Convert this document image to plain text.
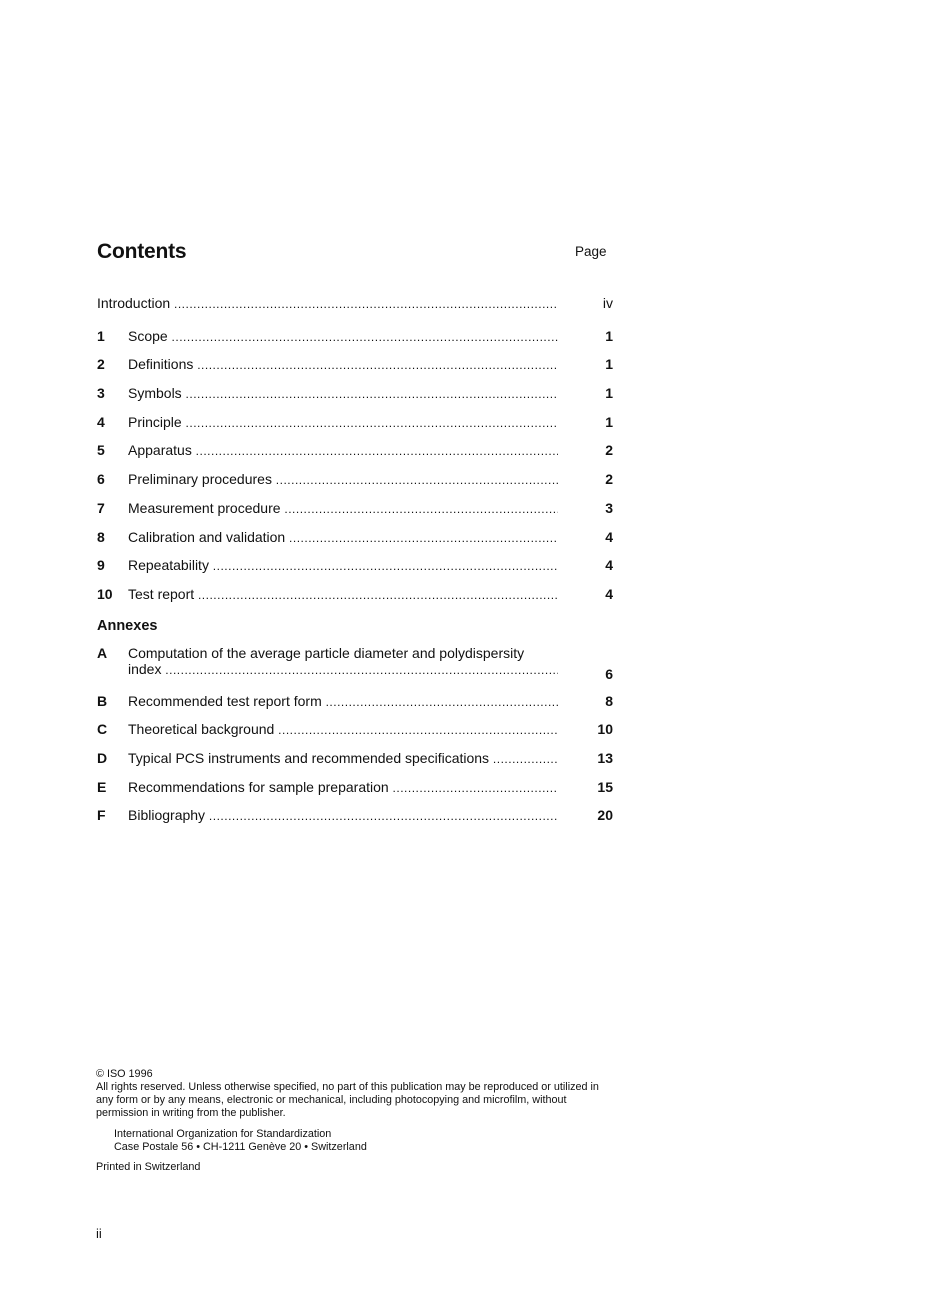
Contents	Page
Introduction .....	iv
1	Scope .....	1
2	Definitions .....	1
3	Symbols .....	1
4	Principle .....	1
5	Apparatus .....	2
6	Preliminary procedures .....	2
7	Measurement procedure .....	3
8	Calibration and validation .....	4
9	Repeatability .....	4
10	Test report .....	4
Annexes
A	Computation of the average particle diameter and polydispersity
index .....	6
B	Recommended test report form .....	8
C	Theoretical background .....	10
D	Typical PCS instruments and recommended specifications .....	13
E	Recommendations for sample preparation .....	15
F	Bibliography .....	20

© ISO 1996

All rights reserved. Unless otherwise specified, no part of this publication may be reproduced or utilized in any form or by any means, electronic or mechanical, including photocopying and microfilm, without permission in writing from the publisher.

International Organization for Standardization

Case Postale 56 • CH-1211 Genève 20 • Switzerland

Printed in Switzerland

ii
